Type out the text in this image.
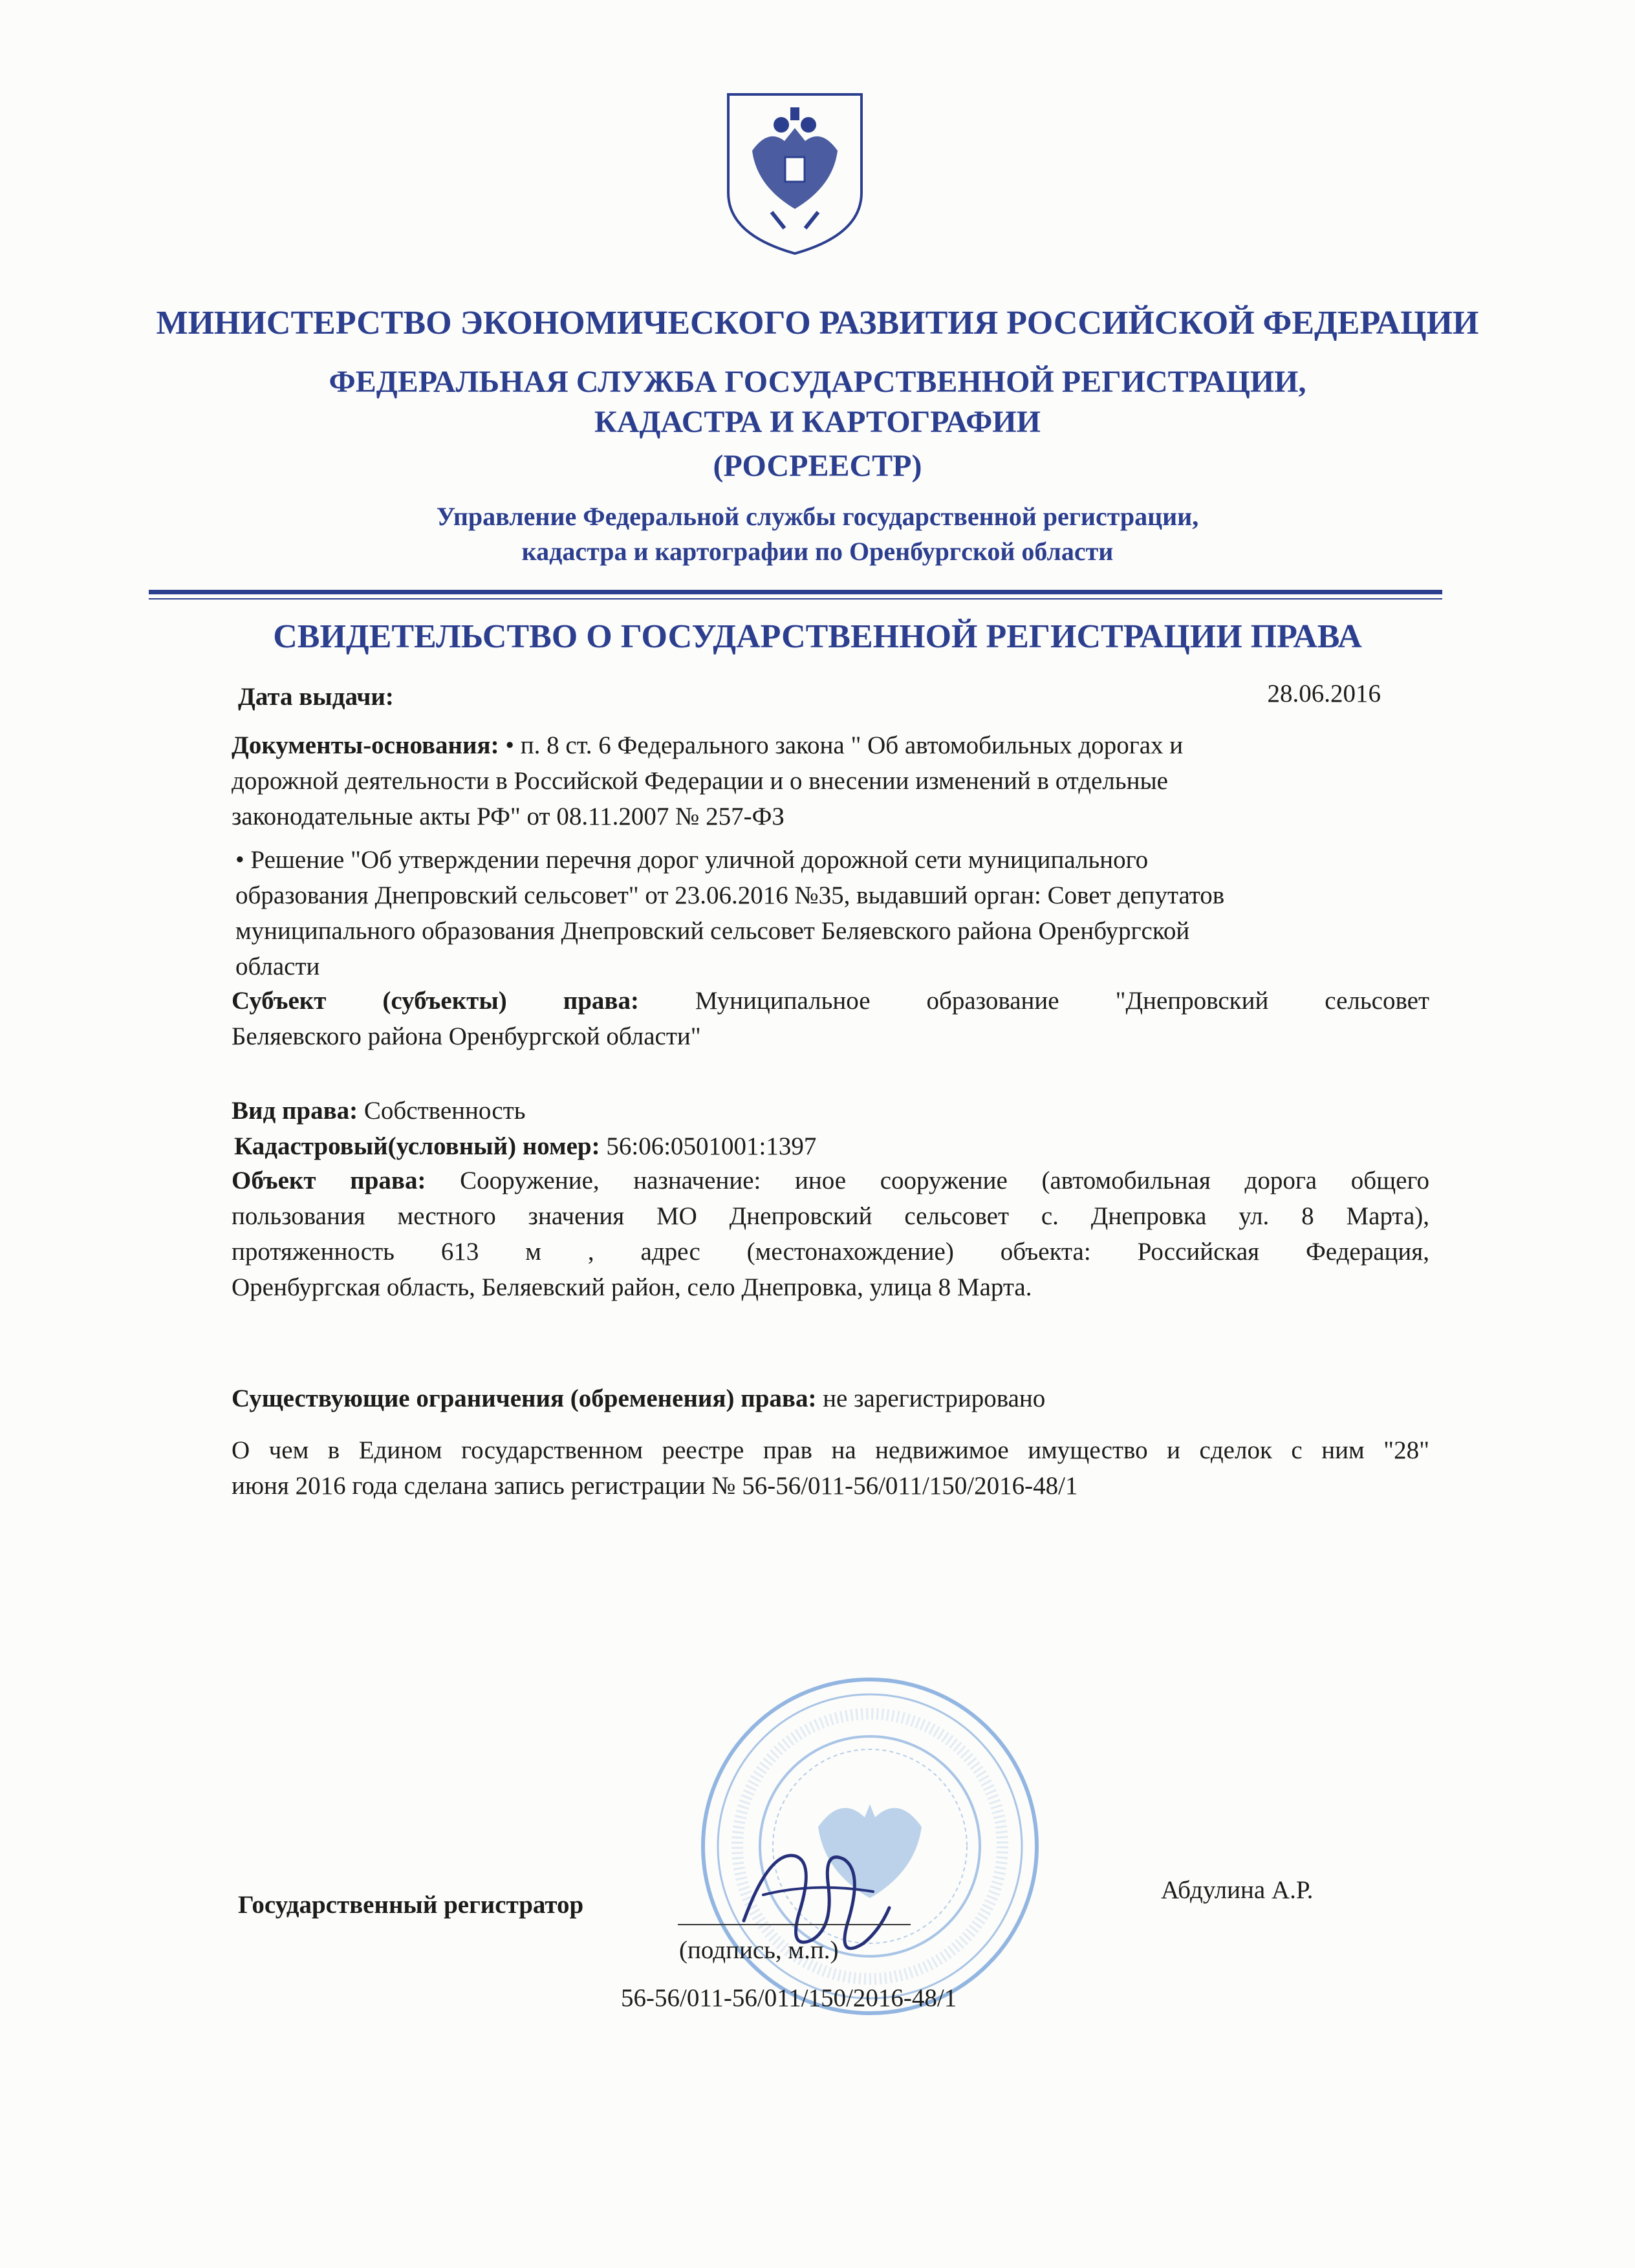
МИНИСТЕРСТВО ЭКОНОМИЧЕСКОГО РАЗВИТИЯ РОССИЙСКОЙ ФЕДЕРАЦИИ
ФЕДЕРАЛЬНАЯ СЛУЖБА ГОСУДАРСТВЕННОЙ РЕГИСТРАЦИИ,
КАДАСТРА И КАРТОГРАФИИ
(РОСРЕЕСТР)
Управление Федеральной службы государственной регистрации,
кадастра и картографии по Оренбургской области
СВИДЕТЕЛЬСТВО О ГОСУДАРСТВЕННОЙ РЕГИСТРАЦИИ ПРАВА
Дата выдачи:	28.06.2016
Документы-основания: • п. 8 ст. 6 Федерального закона " Об автомобильных дорогах и
дорожной деятельности в Российской Федерации и о внесении изменений в отдельные
законодательные акты РФ" от 08.11.2007 № 257-ФЗ
• Решение "Об утверждении перечня дорог уличной дорожной сети муниципального
образования Днепровский сельсовет" от 23.06.2016 №35, выдавший орган: Совет депутатов
муниципального образования Днепровский сельсовет Беляевского района Оренбургской
области
Субъект (субъекты) права: Муниципальное образование "Днепровский сельсовет
Беляевского района Оренбургской области"
Вид права: Собственность
Кадастровый(условный) номер: 56:06:0501001:1397
Объект права: Сооружение, назначение: иное сооружение (автомобильная дорога общего
пользования местного значения МО Днепровский сельсовет с. Днепровка ул. 8 Марта),
протяженность 613 м , адрес (местонахождение) объекта: Российская Федерация,
Оренбургская область, Беляевский район, село Днепровка, улица 8 Марта.
Существующие ограничения (обременения) права: не зарегистрировано
О чем в Едином государственном реестре прав на недвижимое имущество и сделок с ним "28"
июня 2016 года сделана запись регистрации № 56-56/011-56/011/150/2016-48/1
Государственный регистратор
Абдулина А.Р.
(подпись, м.п.)
56-56/011-56/011/150/2016-48/1
